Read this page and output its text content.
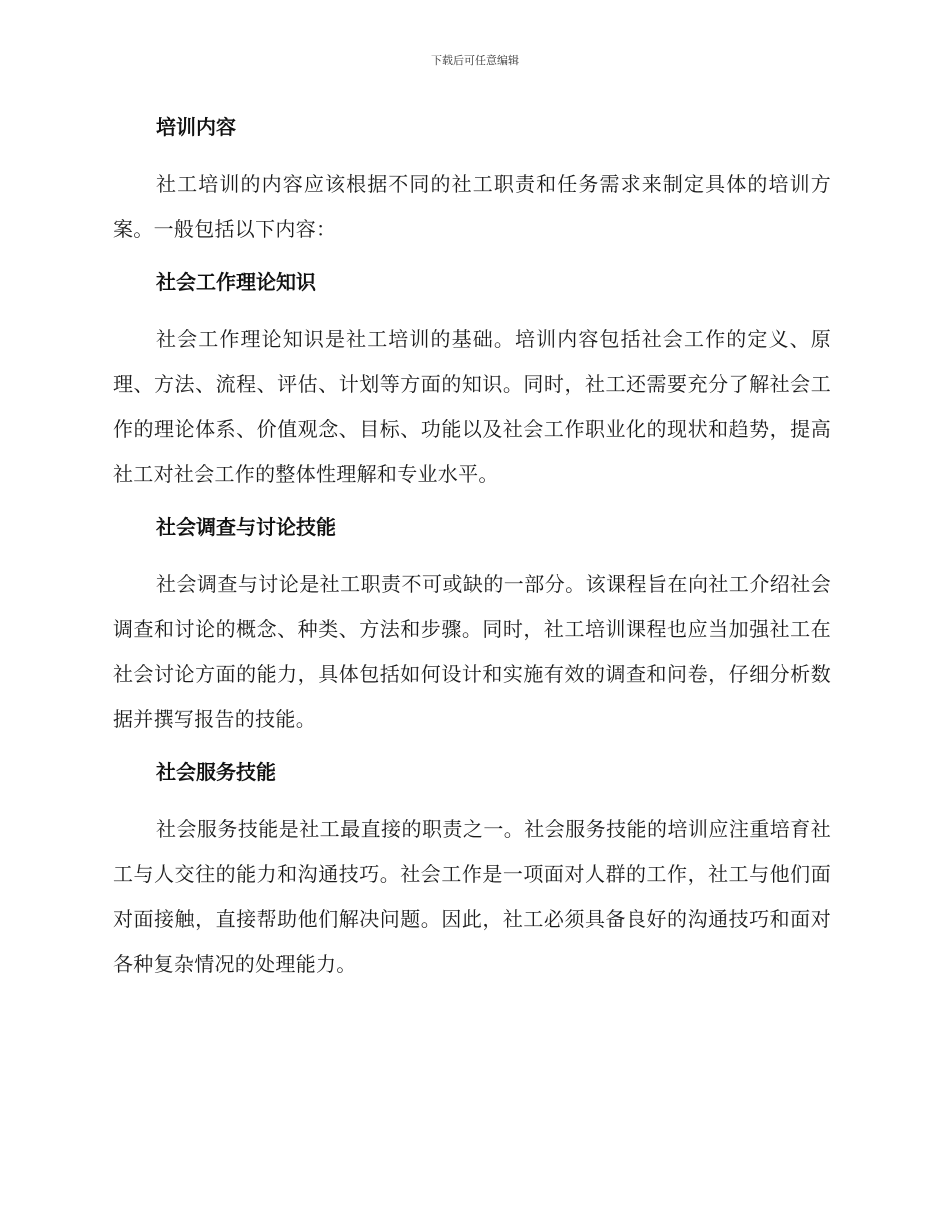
下载后可任意编辑
培训内容

社工培训的内容应该根据不同的社工职责和任务需求来制定具体的培训方案。一般包括以下内容：

社会工作理论知识

社会工作理论知识是社工培训的基础。培训内容包括社会工作的定义、原理、方法、流程、评估、计划等方面的知识。同时，社工还需要充分了解社会工作的理论体系、价值观念、目标、功能以及社会工作职业化的现状和趋势，提高社工对社会工作的整体性理解和专业水平。

社会调查与讨论技能

社会调查与讨论是社工职责不可或缺的一部分。该课程旨在向社工介绍社会调查和讨论的概念、种类、方法和步骤。同时，社工培训课程也应当加强社工在社会讨论方面的能力，具体包括如何设计和实施有效的调查和问卷，仔细分析数据并撰写报告的技能。

社会服务技能

社会服务技能是社工最直接的职责之一。社会服务技能的培训应注重培育社工与人交往的能力和沟通技巧。社会工作是一项面对人群的工作，社工与他们面对面接触，直接帮助他们解决问题。因此，社工必须具备良好的沟通技巧和面对各种复杂情况的处理能力。
